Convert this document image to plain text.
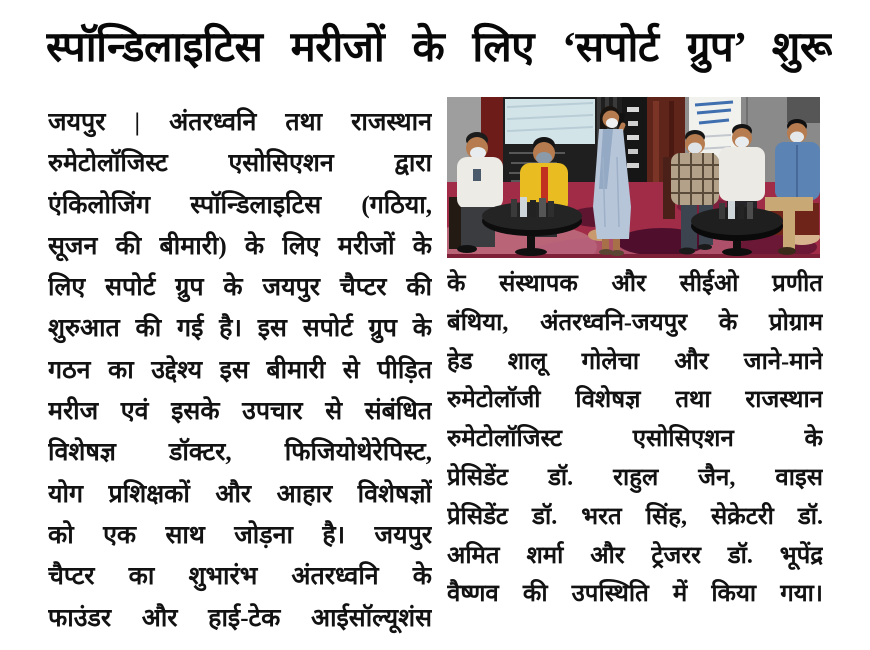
स्पॉन्डिलाइटिस मरीजों के लिए ‘सपोर्ट ग्रुप’ शुरू
जयपुर | अंतरध्वनि तथा राजस्थान
रुमेटोलॉजिस्ट एसोसिएशन द्वारा
एंकिलोजिंग स्पॉन्डिलाइटिस (गठिया,
सूजन की बीमारी) के लिए मरीजों के
लिए सपोर्ट ग्रुप के जयपुर चैप्टर की
शुरुआत की गई है। इस सपोर्ट ग्रुप के
गठन का उद्देश्य इस बीमारी से पीड़ित
मरीज एवं इसके उपचार से संबंधित
विशेषज्ञ डॉक्टर, फिजियोथेरेपिस्ट,
योग प्रशिक्षकों और आहार विशेषज्ञों
को एक साथ जोड़ना है। जयपुर
चैप्टर का शुभारंभ अंतरध्वनि के
फाउंडर और हाई-टेक आईसॉल्यूशंस
के संस्थापक और सीईओ प्रणीत
बंथिया, अंतरध्वनि-जयपुर के प्रोग्राम
हेड शालू गोलेचा और जाने-माने
रुमेटोलॉजी विशेषज्ञ तथा राजस्थान
रुमेटोलॉजिस्ट एसोसिएशन के
प्रेसिडेंट डॉ. राहुल जैन, वाइस
प्रेसिडेंट डॉ. भरत सिंह, सेक्रेटरी डॉ.
अमित शर्मा और ट्रेजरर डॉ. भूपेंद्र
वैष्णव की उपस्थिति में किया गया।
